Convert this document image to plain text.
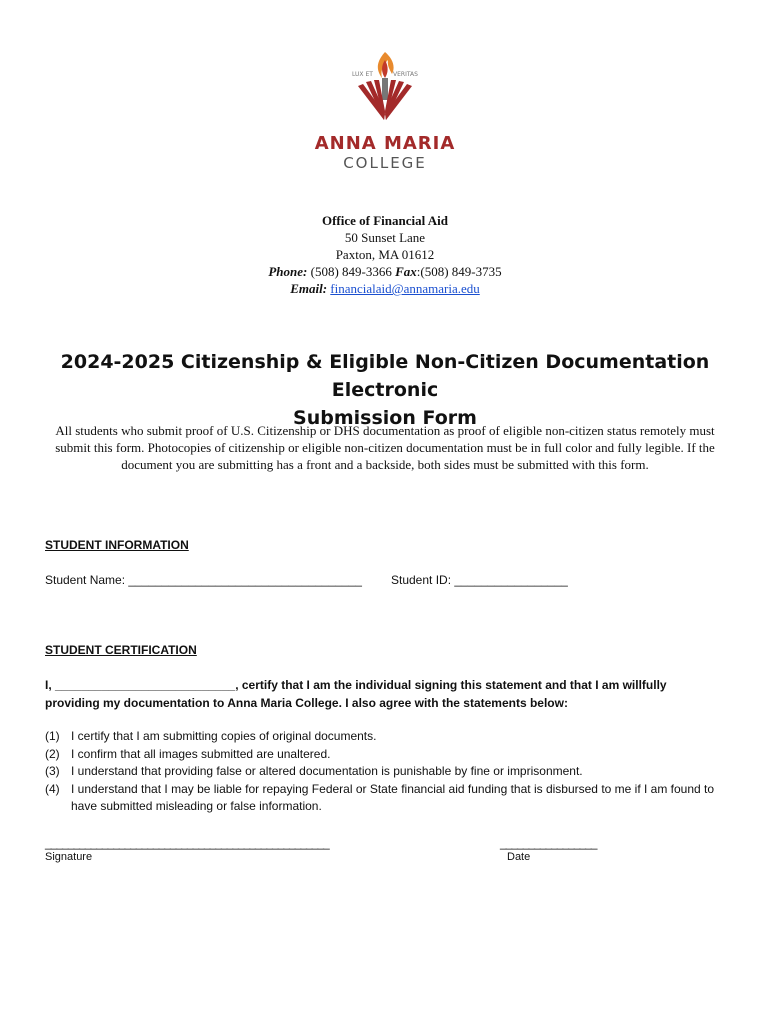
LUX ET	VERITAS
ANNA MARIA
COLLEGE
Office of Financial Aid
50 Sunset Lane
Paxton, MA 01612
Phone: (508) 849-3366 Fax:(508) 849-3735
Email: financialaid@annamaria.edu
2024-2025 Citizenship & Eligible Non-Citizen Documentation Electronic
Submission Form
All students who submit proof of U.S. Citizenship or DHS documentation as proof of eligible non-citizen status remotely must submit this form. Photocopies of citizenship or eligible non-citizen documentation must be in full color and fully legible. If the document you are submitting has a front and a backside, both sides must be submitted with this form.
STUDENT INFORMATION
Student Name: ___________________________________ Student ID: _________________
STUDENT CERTIFICATION
I, ___________________________, certify that I am the individual signing this statement and that I am willfully
providing my documentation to Anna Maria College. I also agree with the statements below:
(1) I certify that I am submitting copies of original documents.
(2) I confirm that all images submitted are unaltered.
(3) I understand that providing false or altered documentation is punishable by fine or imprisonment.
(4) I understand that I may be liable for repaying Federal or State financial aid funding that is disbursed to me if I am found to have submitted misleading or false information.
__________________________________________________
Signature
_________________
Date
